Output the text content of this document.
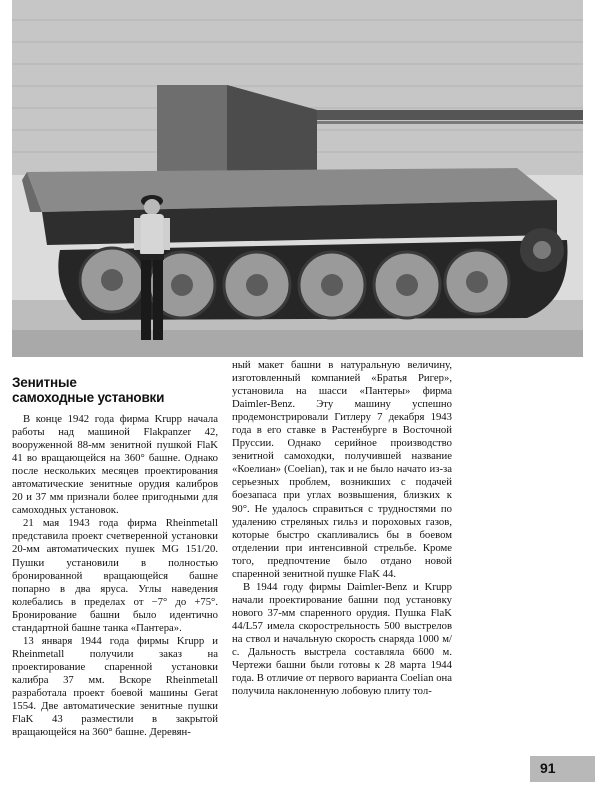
Зенитные
самоходные установки

В конце 1942 года фирма Krupp начала работы над машиной Flakpanzer 42, вооруженной 88-мм зенитной пушкой FlaK 41 во вращающейся на 360° башне. Однако после нескольких месяцев проектирования автоматические зенитные орудия калибров 20 и 37 мм признали более пригодными для самоходных установок.

21 мая 1943 года фирма Rheinmetall представила проект счетверенной установки 20-мм автоматических пушек MG 151/20. Пушки установили в полностью бронированной вращающейся башне попарно в два яруса. Углы наведения колебались в пределах от −7° до +75°. Бронирование башни было идентично стандартной башне танка «Пантера».

13 января 1944 года фирмы Krupp и Rheinmetall получили заказ на проектирование спаренной установки калибра 37 мм. Вскоре Rheinmetall разработала проект боевой машины Gerat 1554. Две автоматические зенитные пушки FlaK 43 разместили в закрытой вращающейся на 360° башне. Деревян-

ный макет башни в натуральную величину, изготовленный компанией «Братья Ригер», установила на шасси «Пантеры» фирма Daimler-Benz. Эту машину успешно продемонстрировали Гитлеру 7 декабря 1943 года в его ставке в Растенбурге в Восточной Пруссии. Однако серийное производство зенитной самоходки, получившей название «Коелиан» (Coelian), так и не было начато из-за серьезных проблем, возникших с подачей боезапаса при углах возвышения, близких к 90°. Не удалось справиться с трудностями по удалению стреляных гильз и пороховых газов, которые быстро скапливались бы в боевом отделении при интенсивной стрельбе. Кроме того, предпочтение было отдано новой спаренной зенитной пушке FlaK 44.

В 1944 году фирмы Daimler-Benz и Krupp начали проектирование башни под установку нового 37-мм спаренного орудия. Пушка FlaK 44/L57 имела скорострельность 500 выстрелов на ствол и начальную скорость снаряда 1000 м/с. Дальность выстрела составляла 6600 м. Чертежи башни были готовы к 28 марта 1944 года. В отличие от первого варианта Coelian она получила наклоненную лобовую плиту тол-

91
